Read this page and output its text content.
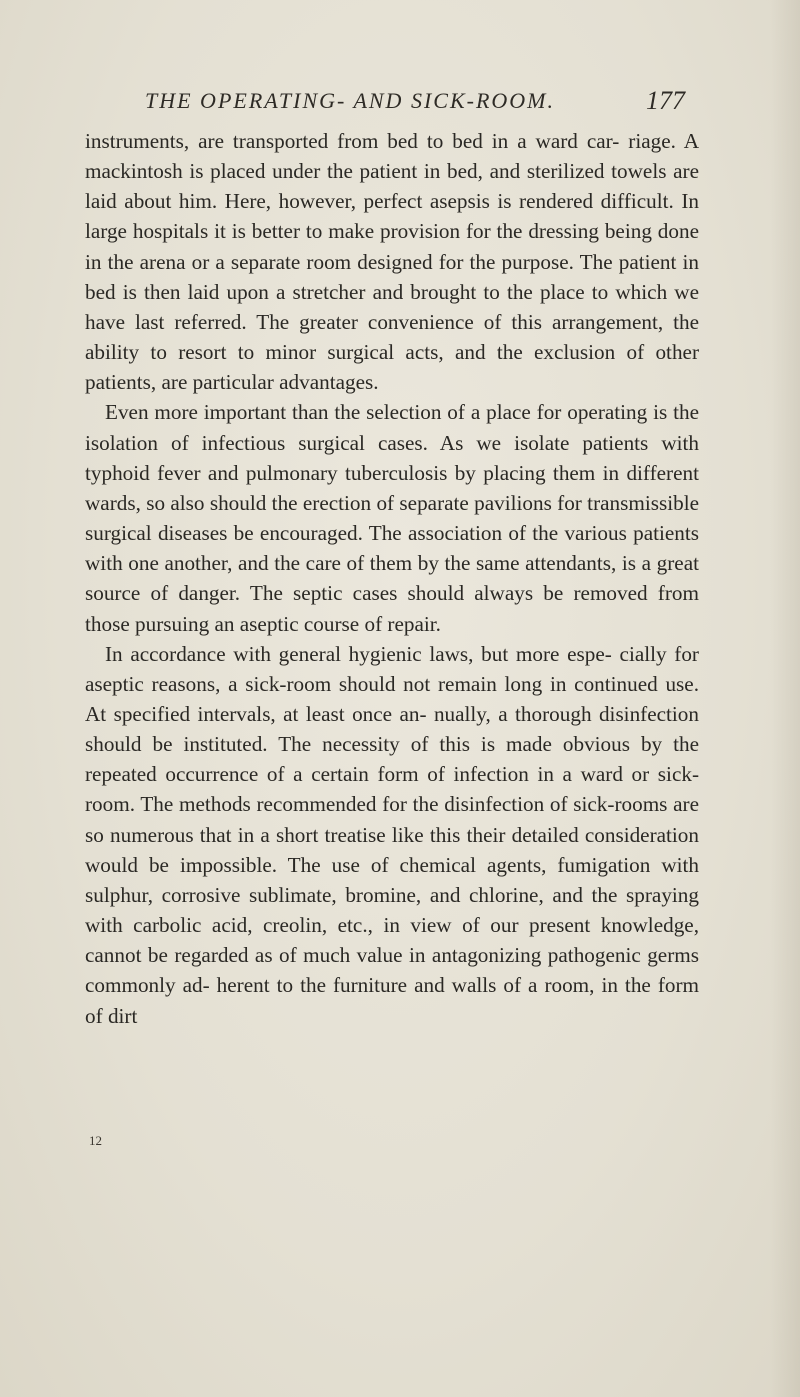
THE OPERATING- AND SICK-ROOM.	177

instruments, are transported from bed to bed in a ward car- riage. A mackintosh is placed under the patient in bed, and sterilized towels are laid about him. Here, however, perfect asepsis is rendered difficult. In large hospitals it is better to make provision for the dressing being done in the arena or a separate room designed for the purpose. The patient in bed is then laid upon a stretcher and brought to the place to which we have last referred. The greater convenience of this arrangement, the ability to resort to minor surgical acts, and the exclusion of other patients, are particular advantages.

Even more important than the selection of a place for operating is the isolation of infectious surgical cases. As we isolate patients with typhoid fever and pulmonary tuberculosis by placing them in different wards, so also should the erection of separate pavilions for transmissible surgical diseases be encouraged. The association of the various patients with one another, and the care of them by the same attendants, is a great source of danger. The septic cases should always be removed from those pursuing an aseptic course of repair.

In accordance with general hygienic laws, but more espe- cially for aseptic reasons, a sick-room should not remain long in continued use. At specified intervals, at least once an- nually, a thorough disinfection should be instituted. The necessity of this is made obvious by the repeated occurrence of a certain form of infection in a ward or sick-room. The methods recommended for the disinfection of sick-rooms are so numerous that in a short treatise like this their detailed consideration would be impossible. The use of chemical agents, fumigation with sulphur, corrosive sublimate, bromine, and chlorine, and the spraying with carbolic acid, creolin, etc., in view of our present knowledge, cannot be regarded as of much value in antagonizing pathogenic germs commonly ad- herent to the furniture and walls of a room, in the form of dirt

12
